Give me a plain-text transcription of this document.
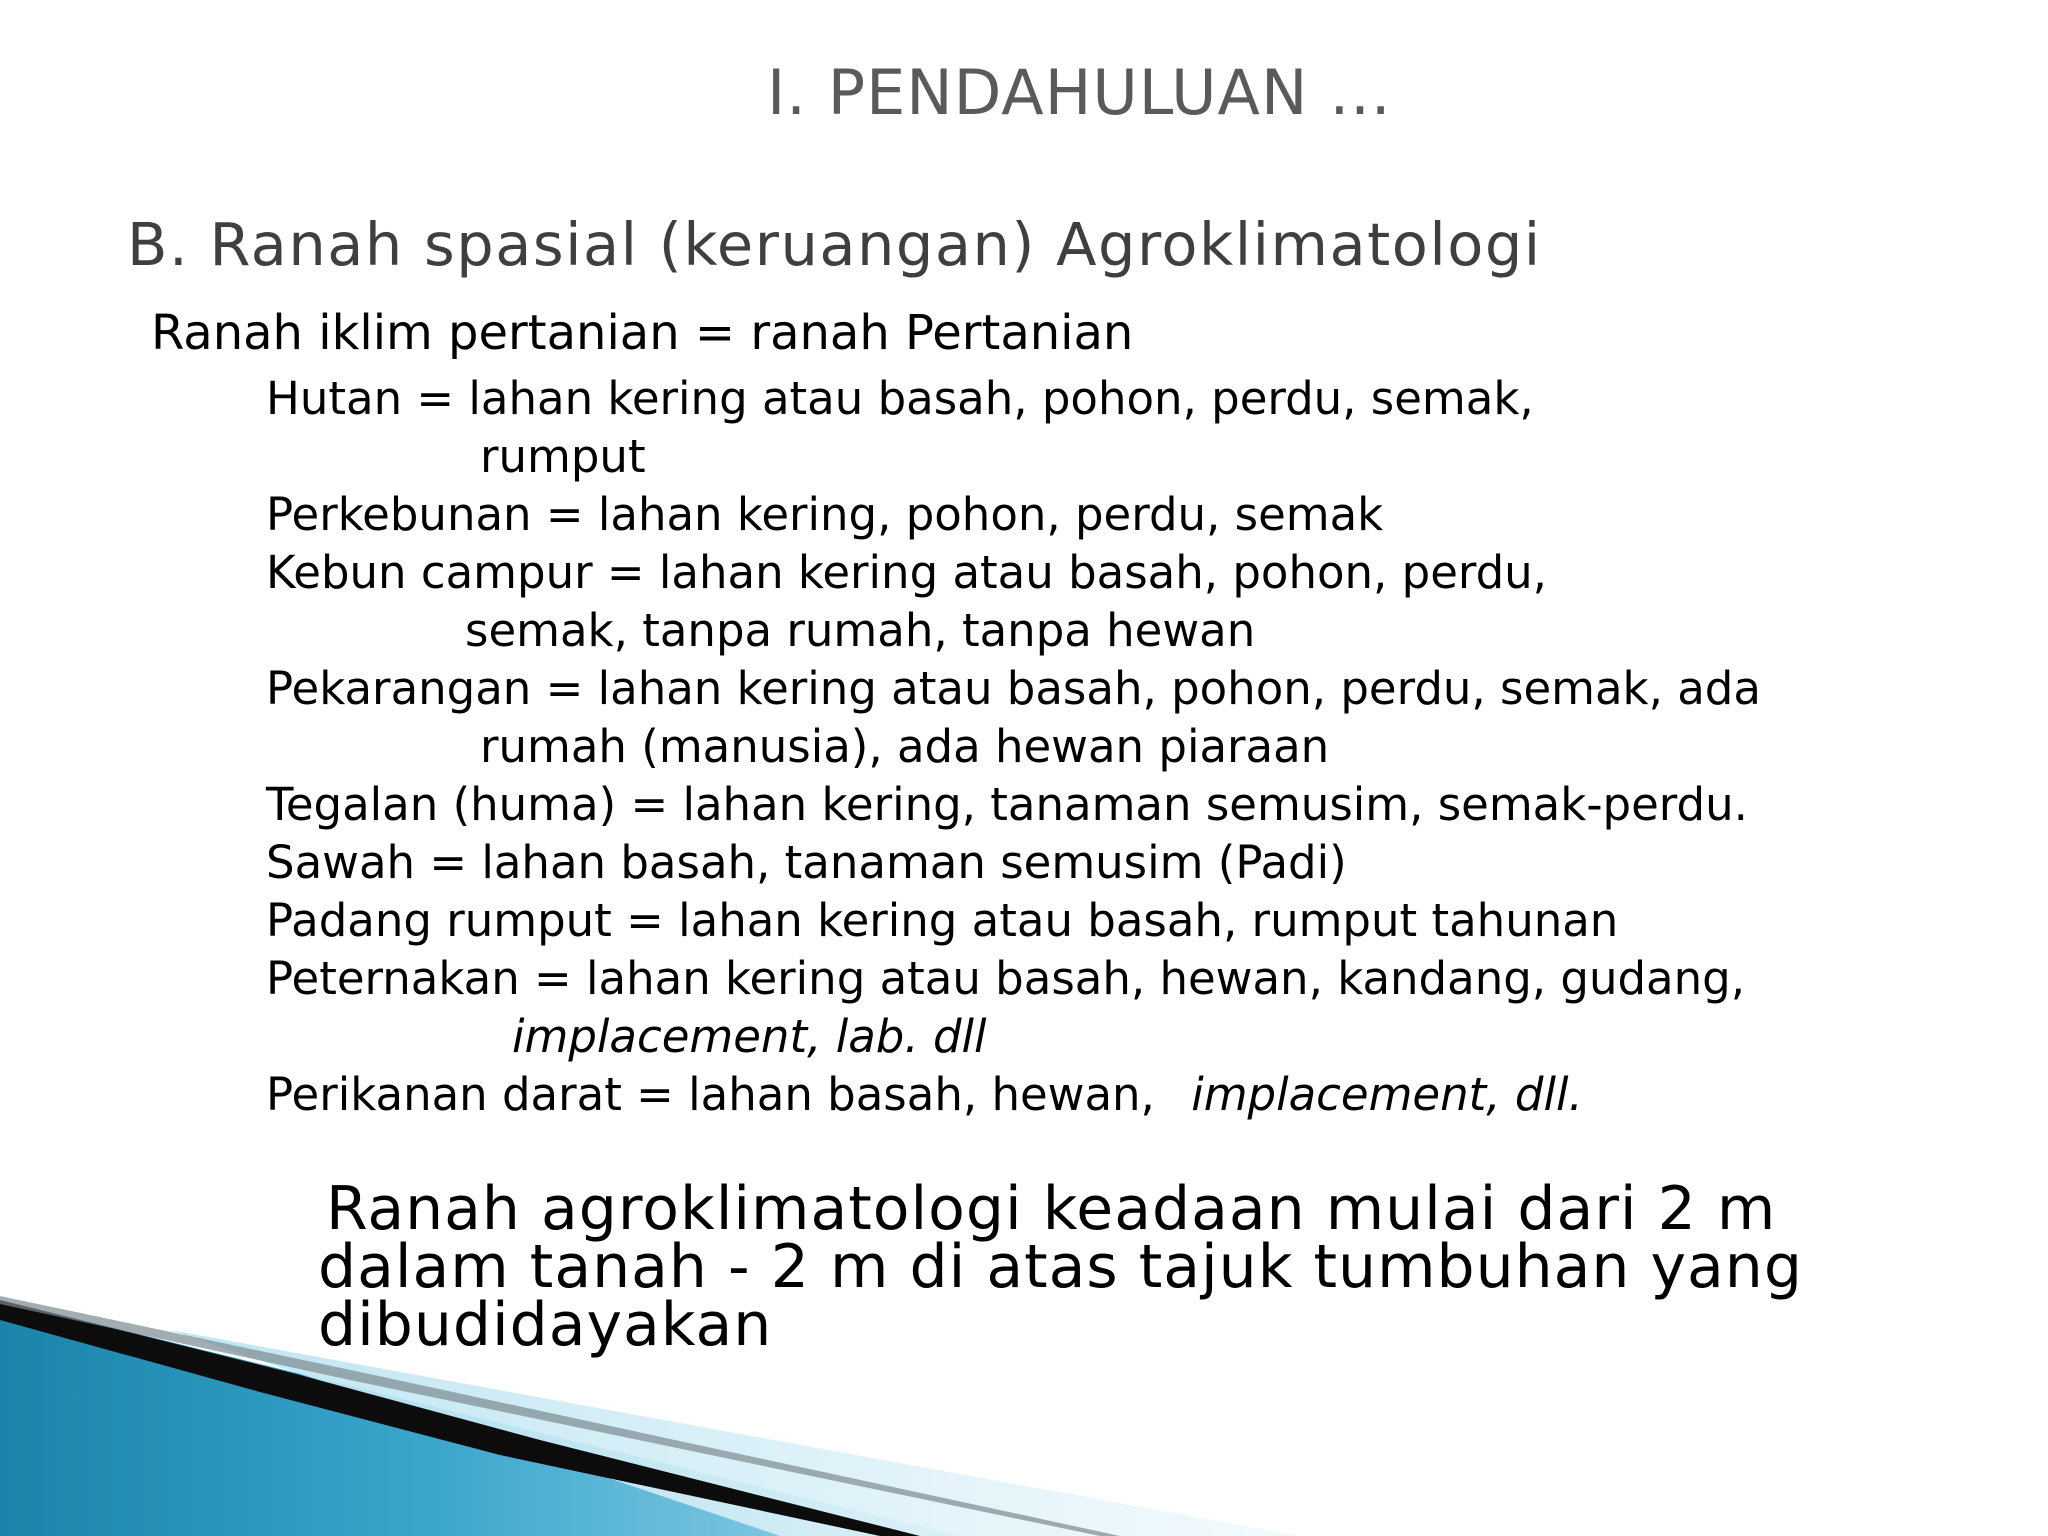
I. PENDAHULUAN …
B. Ranah spasial (keruangan) Agroklimatologi
Ranah iklim pertanian = ranah Pertanian
Hutan = lahan kering atau basah, pohon, perdu, semak,
rumput
Perkebunan = lahan kering, pohon, perdu, semak
Kebun campur = lahan kering atau basah, pohon, perdu,
semak, tanpa rumah, tanpa hewan
Pekarangan = lahan kering atau basah, pohon, perdu, semak, ada
rumah (manusia), ada hewan piaraan
Tegalan (huma) = lahan kering, tanaman semusim, semak-perdu.
Sawah = lahan basah, tanaman semusim (Padi)
Padang rumput = lahan kering atau basah, rumput tahunan
Peternakan = lahan kering atau basah, hewan, kandang, gudang,
implacement, lab. dll
Perikanan darat = lahan basah, hewan, implacement, dll.
Ranah agroklimatologi keadaan mulai dari 2 m
dalam tanah - 2 m di atas tajuk tumbuhan yang
dibudidayakan
